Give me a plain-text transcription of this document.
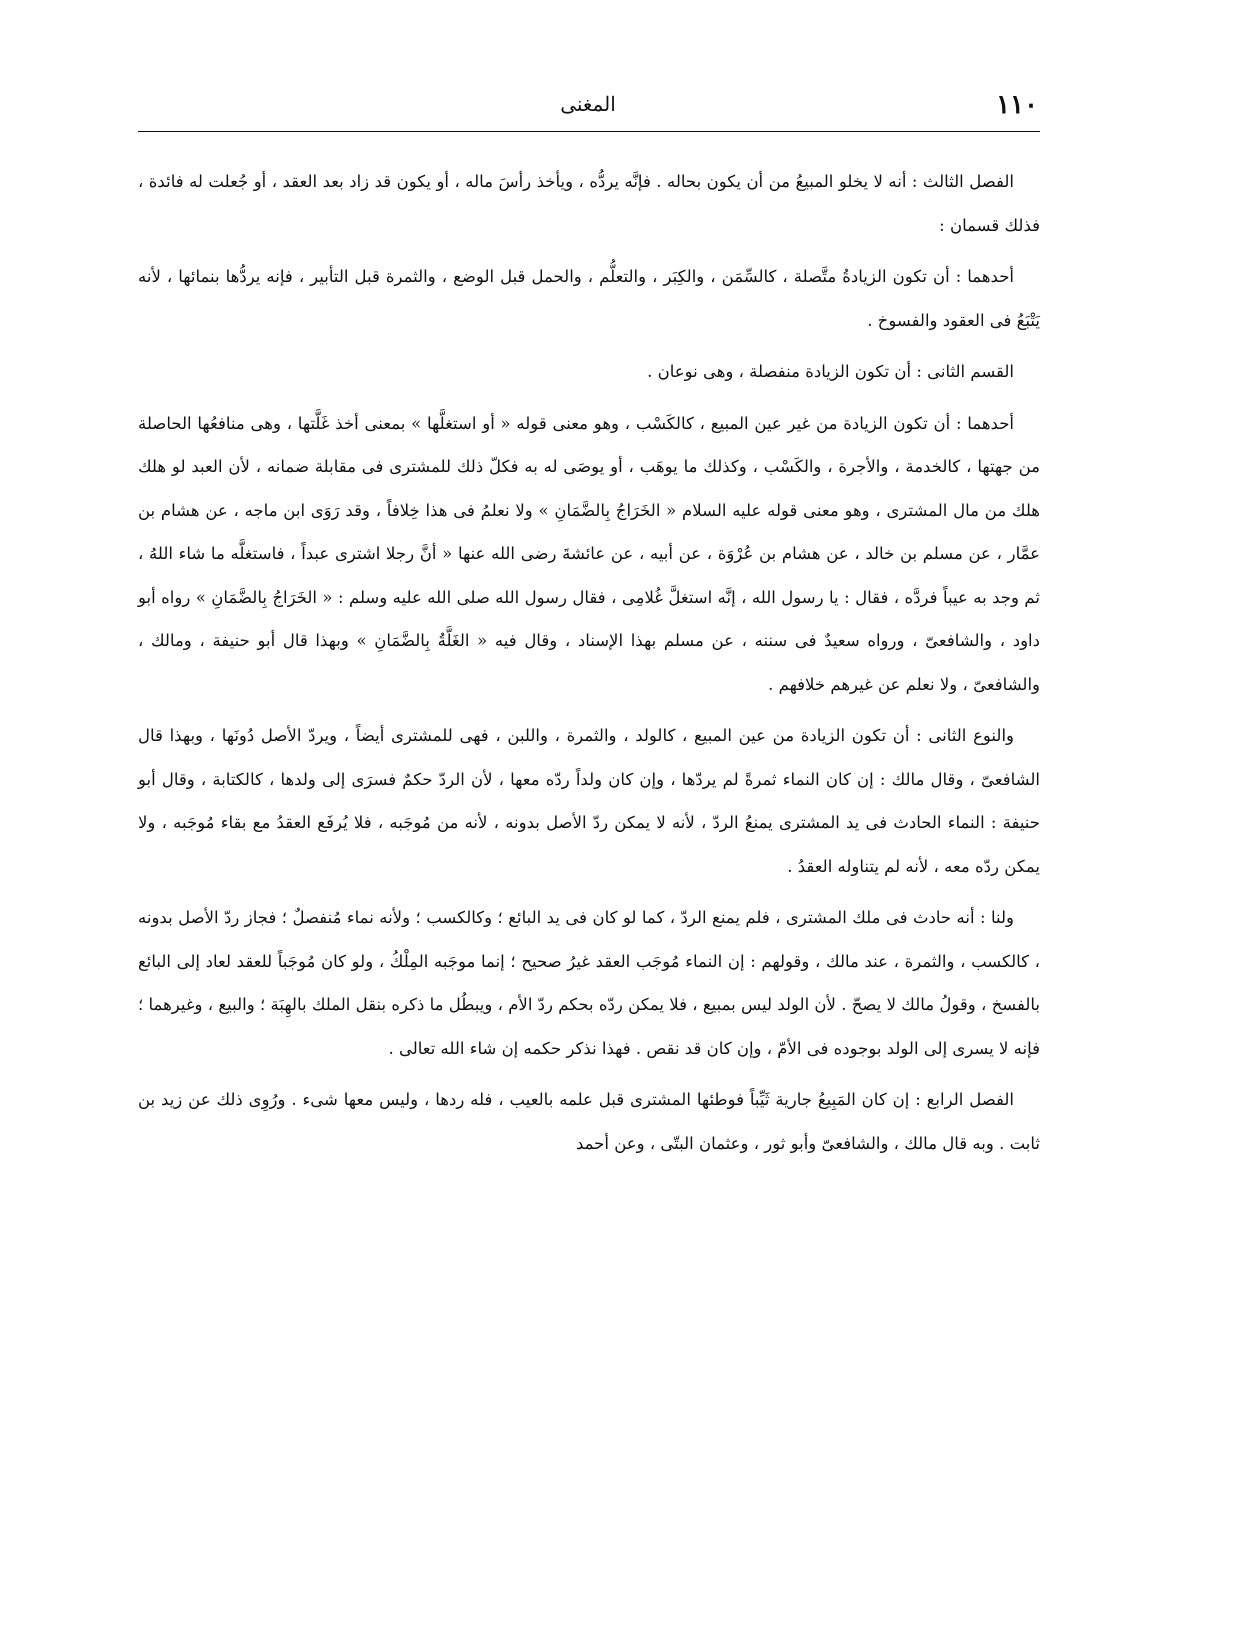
١١٠
المغنى

الفصل الثالث : أنه لا يخلو المبيعُ من أن يكون بحاله . فإنَّه يردُّه ، ويأخذ رأسَ ماله ، أو يكون قد زاد بعد العقد ، أو جُعلت له فائدة ، فذلك قسمان :

أحدهما : أن تكون الزيادةُ متَّصلة ، كالسِّمَن ، والكِبَر ، والتعلُّم ، والحمل قبل الوضع ، والثمرة قبل التأبير ، فإنه يردُّها بنمائها ، لأنه يَتْبَعُ فى العقود والفسوخ .

القسم الثانى : أن تكون الزيادة منفصلة ، وهى نوعان .

أحدهما : أن تكون الزيادة من غير عين المبيع ، كالكَسْب ، وهو معنى قوله « أو استغلَّها » بمعنى أخذ غَلَّتها ، وهى منافعُها الحاصلة من جهتها ، كالخدمة ، والأجرة ، والكَسْب ، وكذلك ما يوهَب ، أو يوصَى له به فكلّ ذلك للمشترى فى مقابلة ضمانه ، لأن العبد لو هلك هلك من مال المشترى ، وهو معنى قوله عليه السلام « الخَرَاجُ بِالضَّمَانِ » ولا نعلمُ فى هذا خِلافاً ، وقد رَوَى ابن ماجه ، عن هشام بن عمَّار ، عن مسلم بن خالد ، عن هشام بن عُرْوَة ، عن أبيه ، عن عائشةَ رضى الله عنها « أنَّ رجلا اشترى عبداً ، فاستغلَّه ما شاء اللهُ ، ثم وجد به عيباً فردَّه ، فقال : يا رسول الله ، إنَّه استغلَّ غُلامِى ، فقال رسول الله صلى الله عليه وسلم : « الخَرَاجُ بِالضَّمَانِ » رواه أبو داود ، والشافعىّ ، ورواه سعيدٌ فى سننه ، عن مسلم بهذا الإسناد ، وقال فيه « الغَلَّةُ بِالضَّمَانِ » وبهذا قال أبو حنيفة ، ومالك ، والشافعىّ ، ولا نعلم عن غيرهم خلافهم .

والنوع الثانى : أن تكون الزيادة من عين المبيع ، كالولد ، والثمرة ، واللبن ، فهى للمشترى أيضاً ، ويردّ الأصل دُونَها ، وبهذا قال الشافعىّ ، وقال مالك : إن كان النماء ثمرةً لم يردّها ، وإن كان ولداً ردّه معها ، لأن الردّ حكمٌ فسرَى إلى ولدها ، كالكتابة ، وقال أبو حنيفة : النماء الحادث فى يد المشترى يمنعُ الردّ ، لأنه لا يمكن ردّ الأصل بدونه ، لأنه من مُوجَبه ، فلا يُرفَع العقدُ مع بقاء مُوجَبه ، ولا يمكن ردّه معه ، لأنه لم يتناوله العقدُ .

ولنا : أنه حادث فى ملك المشترى ، فلم يمنع الردّ ، كما لو كان فى يد البائع ؛ وكالكسب ؛ ولأنه نماء مُنفصلٌ ؛ فجاز ردّ الأصل بدونه ، كالكسب ، والثمرة ، عند مالك ، وقولهم : إن النماء مُوجَب العقد غيرُ صحيح ؛ إنما موجَبه المِلْكُ ، ولو كان مُوجَباً للعقد لعاد إلى البائع بالفسخ ، وقولُ مالك لا يصحّ . لأن الولد ليس بمبيع ، فلا يمكن ردّه بحكم ردّ الأم ، ويبطُل ما ذكره بنقل الملك بالهِبَة ؛ والبيع ، وغيرهما ؛ فإنه لا يسرى إلى الولد بوجوده فى الأمّ ، وإن كان قد نقص . فهذا نذكر حكمه إن شاء الله تعالى .

الفصل الرابع : إن كان المَبِيعُ جارية ثَيِّباً فوطئها المشترى قبل علمه بالعيب ، فله ردها ، وليس معها شىء . ورُوِى ذلك عن زيد بن ثابت . وبه قال مالك ، والشافعىّ وأبو ثور ، وعثمان البتّى ، وعن أحمد
